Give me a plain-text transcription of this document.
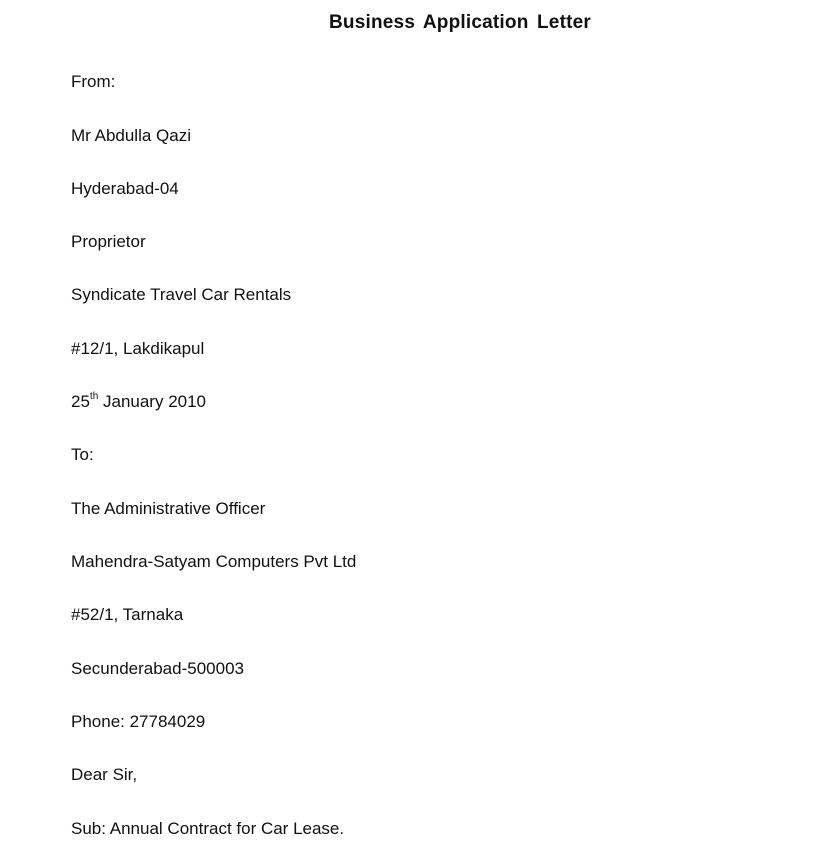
Business Application Letter
From:
Mr Abdulla Qazi
Hyderabad-04
Proprietor
Syndicate Travel Car Rentals
#12/1, Lakdikapul
25th January 2010
To:
The Administrative Officer
Mahendra-Satyam Computers Pvt Ltd
#52/1, Tarnaka
Secunderabad-500003
Phone: 27784029
Dear Sir,
Sub: Annual Contract for Car Lease.
